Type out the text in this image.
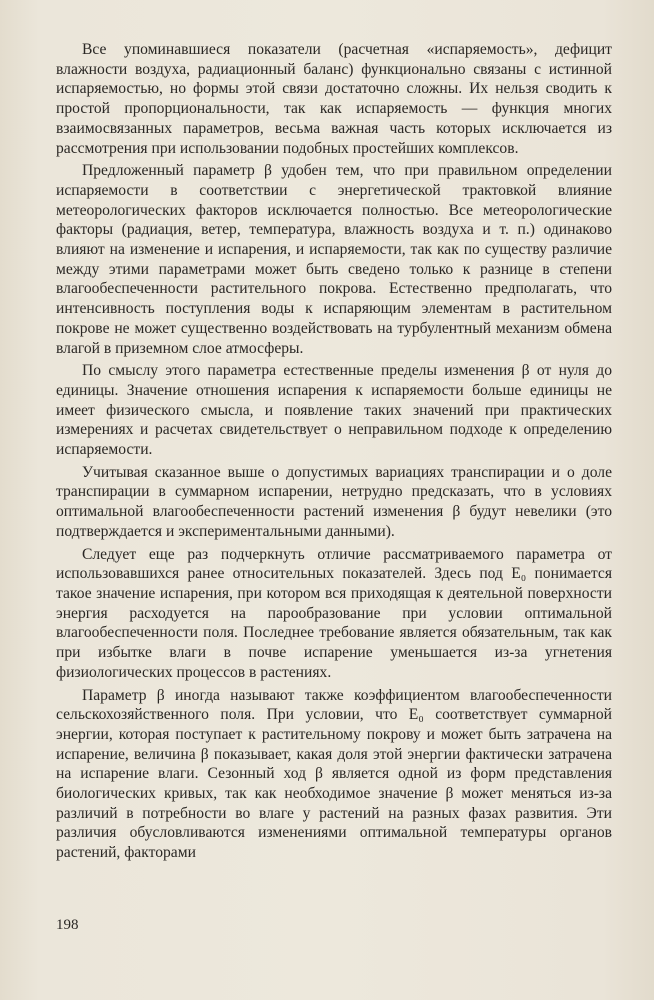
Все упоминавшиеся показатели (расчетная «испаряемость», дефицит влажности воздуха, радиационный баланс) функционально связаны с истинной испаряемостью, но формы этой связи достаточно сложны. Их нельзя сводить к простой пропорциональности, так как испаряемость — функция многих взаимосвязанных параметров, весьма важная часть которых исключается из рассмотрения при использовании подобных простейших комплексов.

Предложенный параметр β удобен тем, что при правильном определении испаряемости в соответствии с энергетической трактовкой влияние метеорологических факторов исключается полностью. Все метеорологические факторы (радиация, ветер, температура, влажность воздуха и т. п.) одинаково влияют на изменение и испарения, и испаряемости, так как по существу различие между этими параметрами может быть сведено только к разнице в степени влагообеспеченности растительного покрова. Естественно предполагать, что интенсивность поступления воды к испаряющим элементам в растительном покрове не может существенно воздействовать на турбулентный механизм обмена влагой в приземном слое атмосферы.

По смыслу этого параметра естественные пределы изменения β от нуля до единицы. Значение отношения испарения к испаряемости больше единицы не имеет физического смысла, и появление таких значений при практических измерениях и расчетах свидетельствует о неправильном подходе к определению испаряемости.

Учитывая сказанное выше о допустимых вариациях транспирации и о доле транспирации в суммарном испарении, нетрудно предсказать, что в условиях оптимальной влагообеспеченности растений изменения β будут невелики (это подтверждается и экспериментальными данными).

Следует еще раз подчеркнуть отличие рассматриваемого параметра от использовавшихся ранее относительных показателей. Здесь под E₀ понимается такое значение испарения, при котором вся приходящая к деятельной поверхности энергия расходуется на парообразование при условии оптимальной влагообеспеченности поля. Последнее требование является обязательным, так как при избытке влаги в почве испарение уменьшается из-за угнетения физиологических процессов в растениях.

Параметр β иногда называют также коэффициентом влагообеспеченности сельскохозяйственного поля. При условии, что E₀ соответствует суммарной энергии, которая поступает к растительному покрову и может быть затрачена на испарение, величина β показывает, какая доля этой энергии фактически затрачена на испарение влаги. Сезонный ход β является одной из форм представления биологических кривых, так как необходимое значение β может меняться из-за различий в потребности во влаге у растений на разных фазах развития. Эти различия обусловливаются изменениями оптимальной температуры органов растений, факторами

198
